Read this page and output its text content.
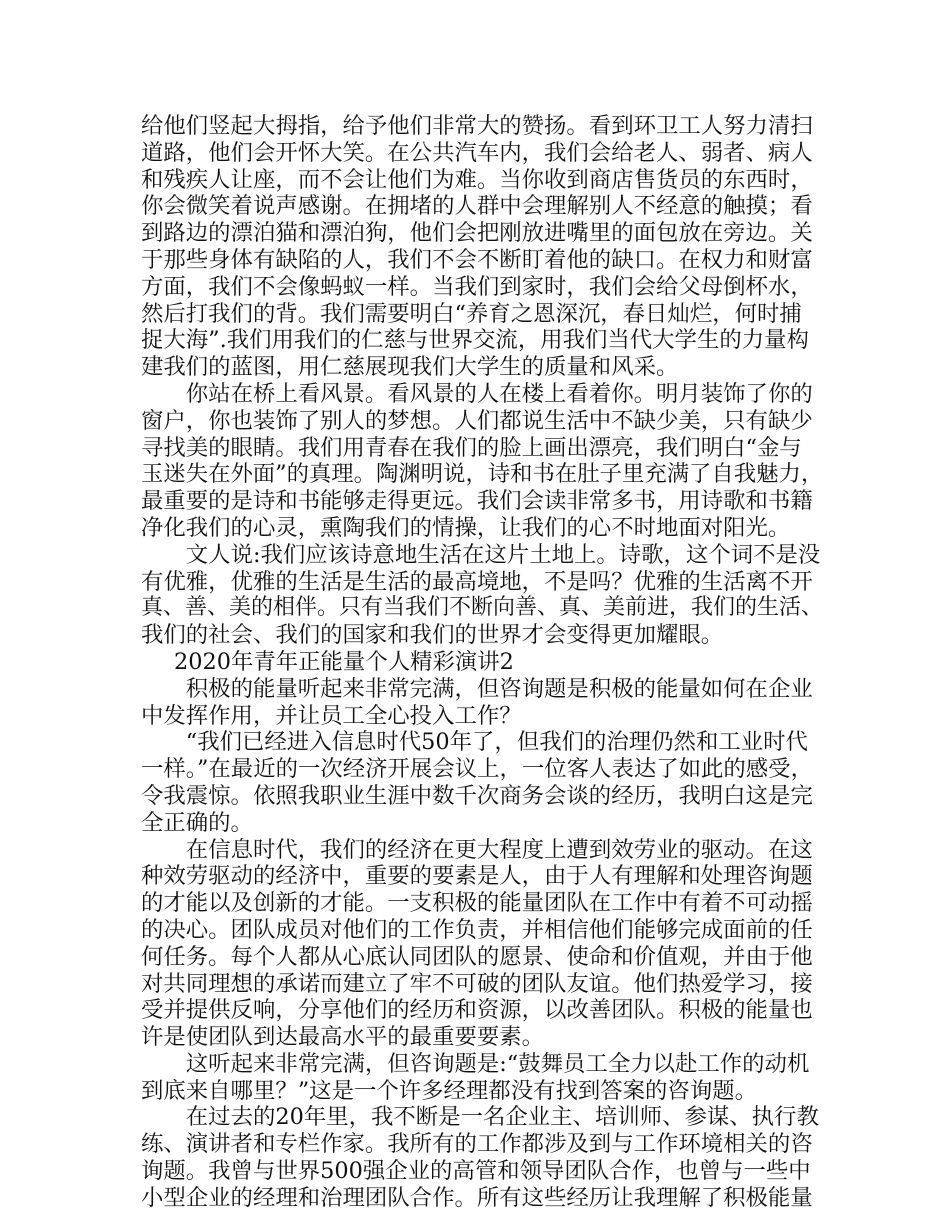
给他们竖起大拇指，给予他们非常大的赞扬。看到环卫工人努力清扫
道路，他们会开怀大笑。在公共汽车内，我们会给老人、弱者、病人
和残疾人让座，而不会让他们为难。当你收到商店售货员的东西时，
你会微笑着说声感谢。在拥堵的人群中会理解别人不经意的触摸；看
到路边的漂泊猫和漂泊狗，他们会把刚放进嘴里的面包放在旁边。关
于那些身体有缺陷的人，我们不会不断盯着他的缺口。在权力和财富
方面，我们不会像蚂蚁一样。当我们到家时，我们会给父母倒杯水，
然后打我们的背。我们需要明白“养育之恩深沉，春日灿烂，何时捕
捉大海”.我们用我们的仁慈与世界交流，用我们当代大学生的力量构
建我们的蓝图，用仁慈展现我们大学生的质量和风采。
你站在桥上看风景。看风景的人在楼上看着你。明月装饰了你的
窗户，你也装饰了别人的梦想。人们都说生活中不缺少美，只有缺少
寻找美的眼睛。我们用青春在我们的脸上画出漂亮，我们明白“金与
玉迷失在外面”的真理。陶渊明说，诗和书在肚子里充满了自我魅力，
最重要的是诗和书能够走得更远。我们会读非常多书，用诗歌和书籍
净化我们的心灵，熏陶我们的情操，让我们的心不时地面对阳光。
文人说:我们应该诗意地生活在这片土地上。诗歌，这个词不是没
有优雅，优雅的生活是生活的最高境地，不是吗？优雅的生活离不开
真、善、美的相伴。只有当我们不断向善、真、美前进，我们的生活、
我们的社会、我们的国家和我们的世界才会变得更加耀眼。
2020年青年正能量个人精彩演讲2
积极的能量听起来非常完满，但咨询题是积极的能量如何在企业
中发挥作用，并让员工全心投入工作？
“我们已经进入信息时代50年了，但我们的治理仍然和工业时代
一样。”在最近的一次经济开展会议上，一位客人表达了如此的感受，
令我震惊。依照我职业生涯中数千次商务会谈的经历，我明白这是完
全正确的。
在信息时代，我们的经济在更大程度上遭到效劳业的驱动。在这
种效劳驱动的经济中，重要的要素是人，由于人有理解和处理咨询题
的才能以及创新的才能。一支积极的能量团队在工作中有着不可动摇
的决心。团队成员对他们的工作负责，并相信他们能够完成面前的任
何任务。每个人都从心底认同团队的愿景、使命和价值观，并由于他
对共同理想的承诺而建立了牢不可破的团队友谊。他们热爱学习，接
受并提供反响，分享他们的经历和资源，以改善团队。积极的能量也
许是使团队到达最高水平的最重要要素。
这听起来非常完满，但咨询题是:“鼓舞员工全力以赴工作的动机
到底来自哪里？”这是一个许多经理都没有找到答案的咨询题。
在过去的20年里，我不断是一名企业主、培训师、参谋、执行教
练、演讲者和专栏作家。我所有的工作都涉及到与工作环境相关的咨
询题。我曾与世界500强企业的高管和领导团队合作，也曾与一些中
小型企业的经理和治理团队合作。所有这些经历让我理解了积极能量
